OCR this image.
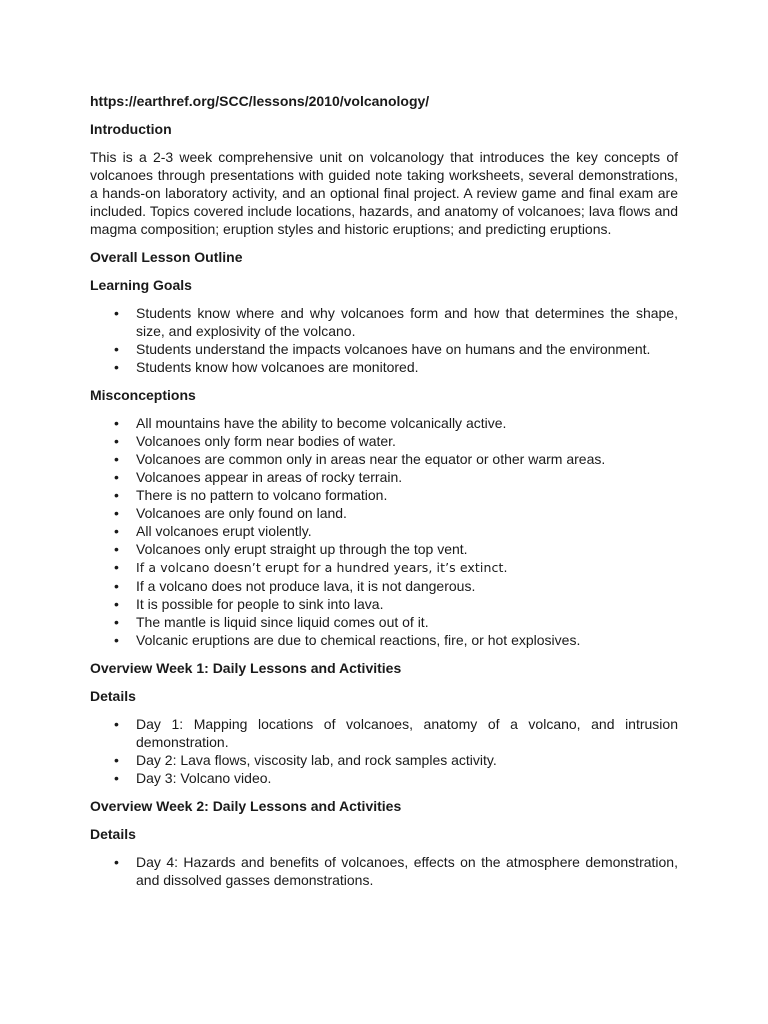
https://earthref.org/SCC/lessons/2010/volcanology/
Introduction
This is a 2-3 week comprehensive unit on volcanology that introduces the key concepts of volcanoes through presentations with guided note taking worksheets, several demonstrations, a hands-on laboratory activity, and an optional final project. A review game and final exam are included. Topics covered include locations, hazards, and anatomy of volcanoes; lava flows and magma composition; eruption styles and historic eruptions; and predicting eruptions.
Overall Lesson Outline
Learning Goals
• Students know where and why volcanoes form and how that determines the shape, size, and explosivity of the volcano.
• Students understand the impacts volcanoes have on humans and the environment.
• Students know how volcanoes are monitored.
Misconceptions
• All mountains have the ability to become volcanically active.
• Volcanoes only form near bodies of water.
• Volcanoes are common only in areas near the equator or other warm areas.
• Volcanoes appear in areas of rocky terrain.
• There is no pattern to volcano formation.
• Volcanoes are only found on land.
• All volcanoes erupt violently.
• Volcanoes only erupt straight up through the top vent.
• If a volcano doesn’t erupt for a hundred years, it’s extinct.
• If a volcano does not produce lava, it is not dangerous.
• It is possible for people to sink into lava.
• The mantle is liquid since liquid comes out of it.
• Volcanic eruptions are due to chemical reactions, fire, or hot explosives.
Overview Week 1: Daily Lessons and Activities
Details
• Day 1: Mapping locations of volcanoes, anatomy of a volcano, and intrusion demonstration.
• Day 2: Lava flows, viscosity lab, and rock samples activity.
• Day 3: Volcano video.
Overview Week 2: Daily Lessons and Activities
Details
• Day 4: Hazards and benefits of volcanoes, effects on the atmosphere demonstration, and dissolved gasses demonstrations.
